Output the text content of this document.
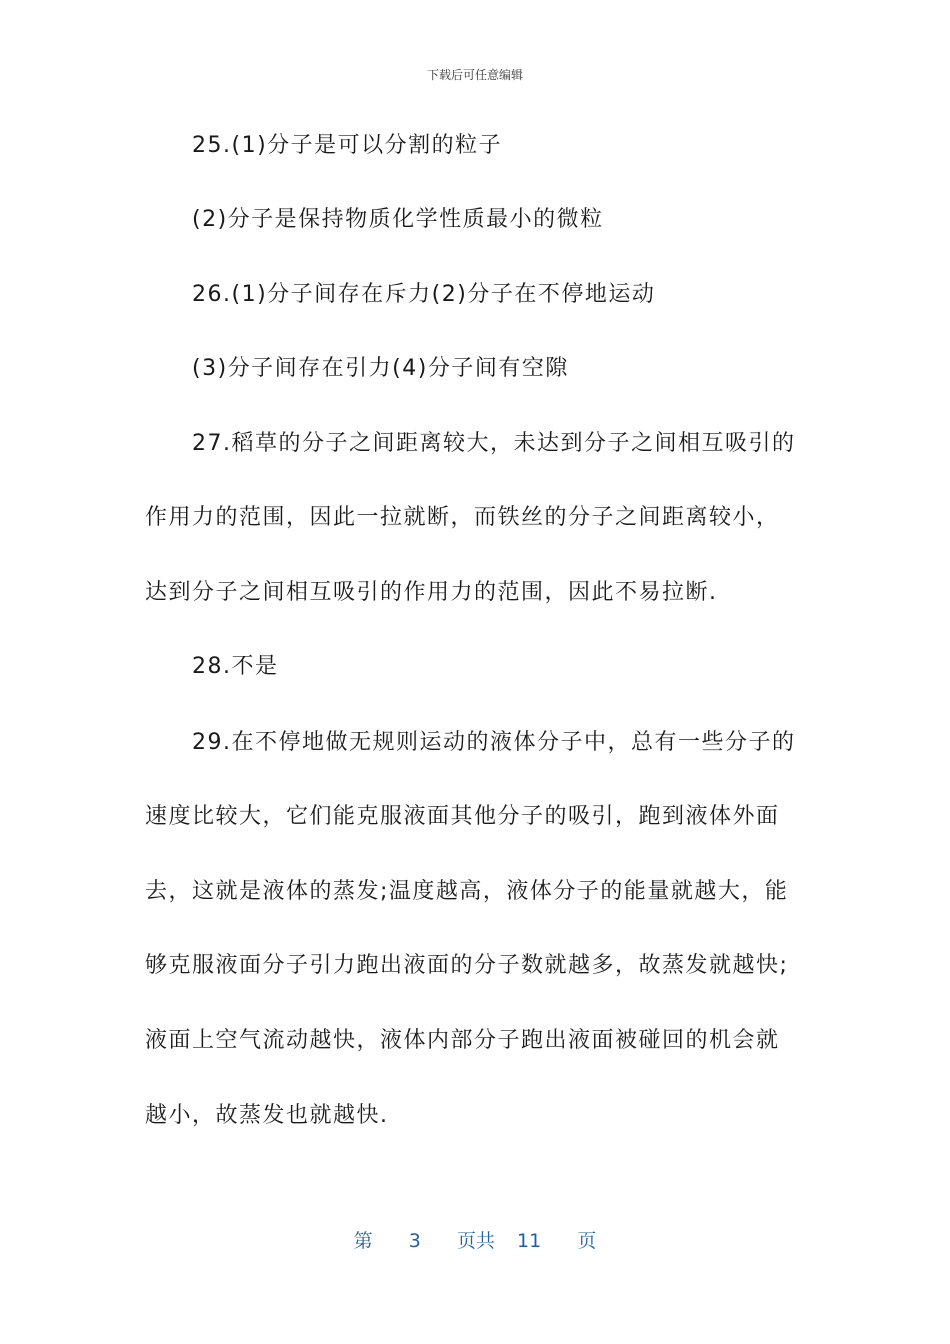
下载后可任意编辑
25.(1)分子是可以分割的粒子
(2)分子是保持物质化学性质最小的微粒
26.(1)分子间存在斥力(2)分子在不停地运动
(3)分子间存在引力(4)分子间有空隙
27.稻草的分子之间距离较大，未达到分子之间相互吸引的
作用力的范围，因此一拉就断，而铁丝的分子之间距离较小，
达到分子之间相互吸引的作用力的范围，因此不易拉断.
28.不是
29.在不停地做无规则运动的液体分子中，总有一些分子的
速度比较大，它们能克服液面其他分子的吸引，跑到液体外面
去，这就是液体的蒸发;温度越高，液体分子的能量就越大，能
够克服液面分子引力跑出液面的分子数就越多，故蒸发就越快;
液面上空气流动越快，液体内部分子跑出液面被碰回的机会就
越小，故蒸发也就越快.
第 3 页共 11 页
